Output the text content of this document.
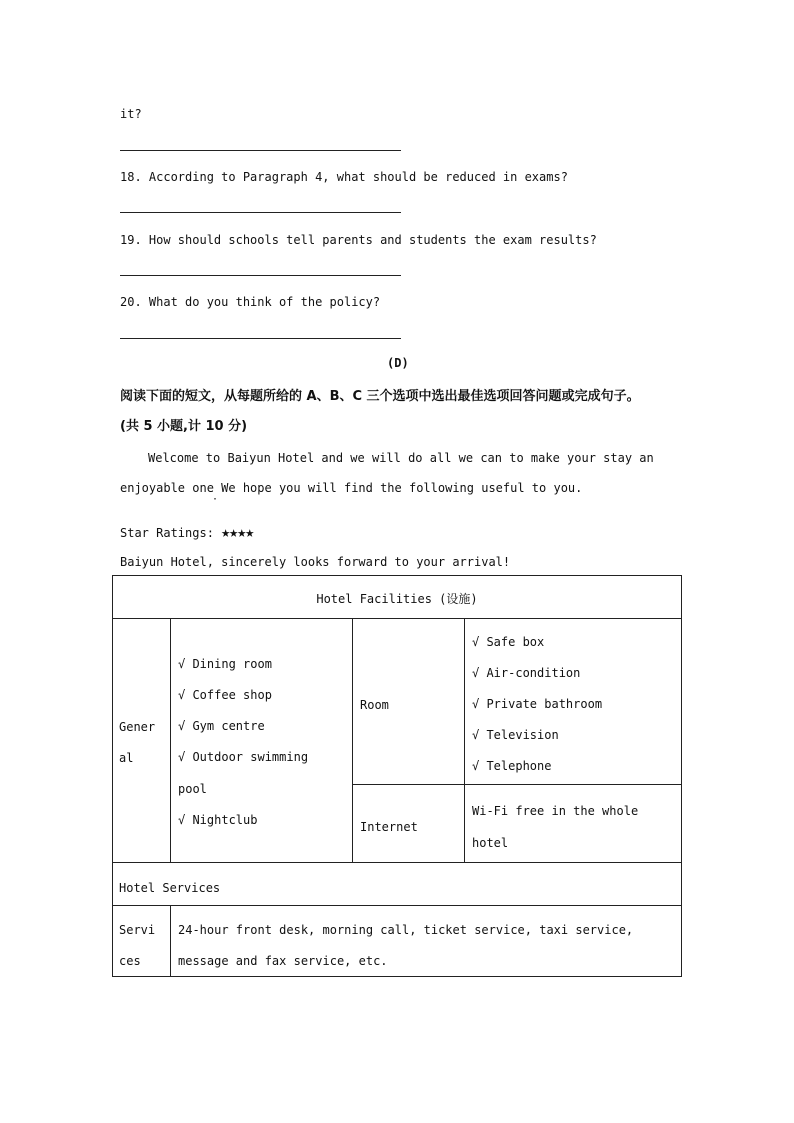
it?
18. According to Paragraph 4, what should be reduced in exams?
19. How should schools tell parents and students the exam results?
20. What do you think of the policy?
(D)
阅读下面的短文，从每题所给的 A、B、C 三个选项中选出最佳选项回答问题或完成句子。
(共 5 小题,计 10 分)
Welcome to Baiyun Hotel and we will do all we can to make your stay an
enjoyable one We hope you will find the following useful to you.
·
Star Ratings: ★★★★
Baiyun Hotel, sincerely looks forward to your arrival!
Hotel Facilities (设施)
Gener
al
√ Dining room
√ Coffee shop
√ Gym centre
√ Outdoor swimming
pool
√ Nightclub
Room
√ Safe box
√ Air-condition
√ Private bathroom
√ Television
√ Telephone
Internet
Wi-Fi free in the whole
hotel
Hotel Services
Servi
ces
24-hour front desk, morning call, ticket service, taxi service,
message and fax service, etc.
